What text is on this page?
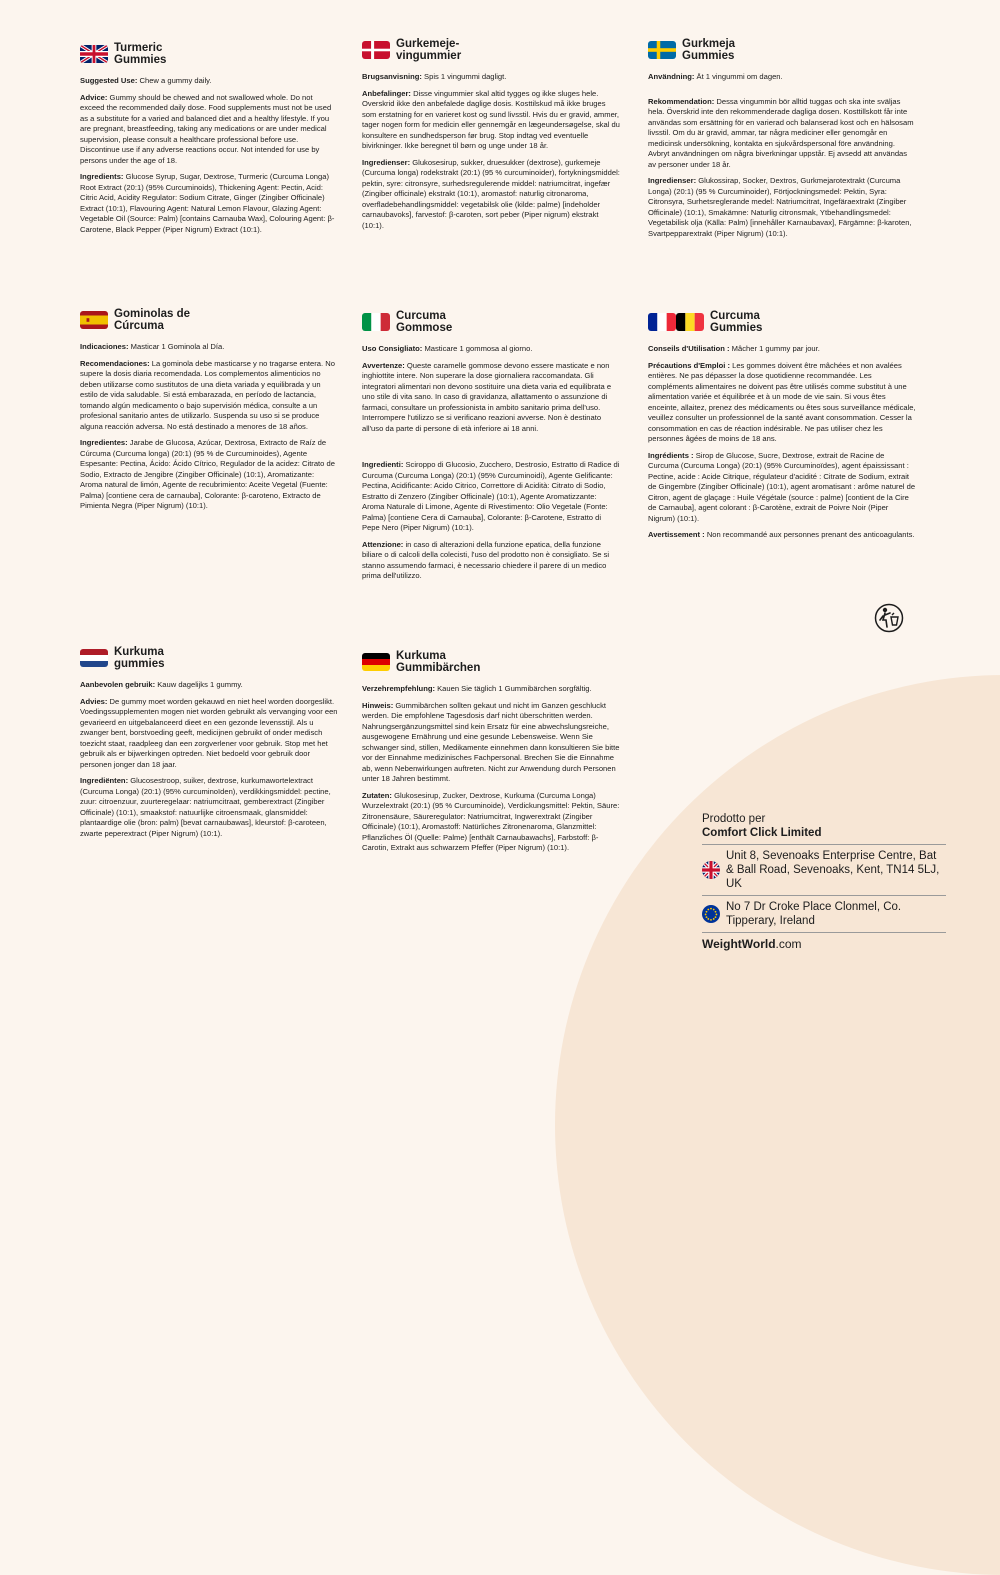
Turmeric
Gummies

Suggested Use: Chew a gummy daily.

Advice: Gummy should be chewed and not swallowed whole. Do not exceed the recommended daily dose. Food supplements must not be used as a substitute for a varied and balanced diet and a healthy lifestyle. If you are pregnant, breastfeeding, taking any medications or are under medical supervision, please consult a healthcare professional before use. Discontinue use if any adverse reactions occur. Not intended for use by persons under the age of 18.

Ingredients: Glucose Syrup, Sugar, Dextrose, Turmeric (Curcuma Longa) Root Extract (20:1) (95% Curcuminoids), Thickening Agent: Pectin, Acid: Citric Acid, Acidity Regulator: Sodium Citrate, Ginger (Zingiber Officinale) Extract (10:1), Flavouring Agent: Natural Lemon Flavour, Glazing Agent: Vegetable Oil (Source: Palm) [contains Carnauba Wax], Colouring Agent: β-Carotene, Black Pepper (Piper Nigrum) Extract (10:1).

Gominolas de
Cúrcuma

Indicaciones: Masticar 1 Gominola al Día.

Recomendaciones: La gominola debe masticarse y no tragarse entera. No supere la dosis diaria recomendada. Los complementos alimenticios no deben utilizarse como sustitutos de una dieta variada y equilibrada y un estilo de vida saludable. Si está embarazada, en período de lactancia, tomando algún medicamento o bajo supervisión médica, consulte a un profesional sanitario antes de utilizarlo. Suspenda su uso si se produce alguna reacción adversa. No está destinado a menores de 18 años.

Ingredientes: Jarabe de Glucosa, Azúcar, Dextrosa, Extracto de Raíz de Cúrcuma (Curcuma longa) (20:1) (95 % de Curcuminoides), Agente Espesante: Pectina, Ácido: Ácido Cítrico, Regulador de la acidez: Citrato de Sodio, Extracto de Jengibre (Zingiber Officinale) (10:1), Aromatizante: Aroma natural de limón, Agente de recubrimiento: Aceite Vegetal (Fuente: Palma) [contiene cera de carnauba], Colorante: β-caroteno, Extracto de Pimienta Negra (Piper Nigrum) (10:1).

Kurkuma
gummies

Aanbevolen gebruik: Kauw dagelijks 1 gummy.

Advies: De gummy moet worden gekauwd en niet heel worden doorgeslikt. Voedingssupplementen mogen niet worden gebruikt als vervanging voor een gevarieerd en uitgebalanceerd dieet en een gezonde levensstijl. Als u zwanger bent, borstvoeding geeft, medicijnen gebruikt of onder medisch toezicht staat, raadpleeg dan een zorgverlener voor gebruik. Stop met het gebruik als er bijwerkingen optreden. Niet bedoeld voor gebruik door personen jonger dan 18 jaar.

Ingrediënten: Glucosestroop, suiker, dextrose, kurkumawortelextract (Curcuma Longa) (20:1) (95% curcuminoïden), verdikkingsmiddel: pectine, zuur: citroenzuur, zuurteregelaar: natriumcitraat, gemberextract (Zingiber Officinale) (10:1), smaakstof: natuurlijke citroensmaak, glansmiddel: plantaardige olie (bron: palm) [bevat carnaubawas], kleurstof: β-caroteen, zwarte peperextract (Piper Nigrum) (10:1).

Gurkemeje-
vingummier

Brugsanvisning: Spis 1 vingummi dagligt.

Anbefalinger: Disse vingummier skal altid tygges og ikke sluges hele. Overskrid ikke den anbefalede daglige dosis. Kosttilskud må ikke bruges som erstatning for en varieret kost og sund livsstil. Hvis du er gravid, ammer, tager nogen form for medicin eller gennemgår en lægeundersøgelse, skal du konsultere en sundhedsperson før brug. Stop indtag ved eventuelle bivirkninger. Ikke beregnet til børn og unge under 18 år.

Ingredienser: Glukosesirup, sukker, druesukker (dextrose), gurkemeje (Curcuma longa) rodekstrakt (20:1) (95 % curcuminoider), fortykningsmiddel: pektin, syre: citronsyre, surhedsregulerende middel: natriumcitrat, ingefær (Zingiber officinale) ekstrakt (10:1), aromastof: naturlig citronaroma, overfladebehandlingsmiddel: vegetabilsk olie (kilde: palme) [indeholder carnaubavoks], farvestof: β-caroten, sort peber (Piper nigrum) ekstrakt (10:1).

Curcuma
Gommose

Uso Consigliato: Masticare 1 gommosa al giorno.

Avvertenze: Queste caramelle gommose devono essere masticate e non inghiottite intere. Non superare la dose giornaliera raccomandata. Gli integratori alimentari non devono sostituire una dieta varia ed equilibrata e uno stile di vita sano. In caso di gravidanza, allattamento o assunzione di farmaci, consultare un professionista in ambito sanitario prima dell'uso. Interrompere l'utilizzo se si verificano reazioni avverse. Non è destinato all'uso da parte di persone di età inferiore ai 18 anni.

Ingredienti: Sciroppo di Glucosio, Zucchero, Destrosio, Estratto di Radice di Curcuma (Curcuma Longa) (20:1) (95% Curcuminoidi), Agente Gelificante: Pectina, Acidificante: Acido Citrico, Correttore di Acidità: Citrato di Sodio, Estratto di Zenzero (Zingiber Officinale) (10:1), Agente Aromatizzante: Aroma Naturale di Limone, Agente di Rivestimento: Olio Vegetale (Fonte: Palma) [contiene Cera di Carnauba], Colorante: β-Carotene, Estratto di Pepe Nero (Piper Nigrum) (10:1).

Attenzione: in caso di alterazioni della funzione epatica, della funzione biliare o di calcoli della colecisti, l'uso del prodotto non è consigliato. Se si stanno assumendo farmaci, è necessario chiedere il parere di un medico prima dell'utilizzo.

Kurkuma
Gummibärchen

Verzehrempfehlung: Kauen Sie täglich 1 Gummibärchen sorgfältig.

Hinweis: Gummibärchen sollten gekaut und nicht im Ganzen geschluckt werden. Die empfohlene Tagesdosis darf nicht überschritten werden. Nahrungsergänzungsmittel sind kein Ersatz für eine abwechslungsreiche, ausgewogene Ernährung und eine gesunde Lebensweise. Wenn Sie schwanger sind, stillen, Medikamente einnehmen dann konsultieren Sie bitte vor der Einnahme medizinisches Fachpersonal. Brechen Sie die Einnahme ab, wenn Nebenwirkungen auftreten. Nicht zur Anwendung durch Personen unter 18 Jahren bestimmt.

Zutaten: Glukosesirup, Zucker, Dextrose, Kurkuma (Curcuma Longa) Wurzelextrakt (20:1) (95 % Curcuminoide), Verdickungsmittel: Pektin, Säure: Zitronensäure, Säureregulator: Natriumcitrat, Ingwerextrakt (Zingiber Officinale) (10:1), Aromastoff: Natürliches Zitronenaroma, Glanzmittel: Pflanzliches Öl (Quelle: Palme) [enthält Carnaubawachs], Farbstoff: β-Carotin, Extrakt aus schwarzem Pfeffer (Piper Nigrum) (10:1).

Gurkmeja
Gummies

Användning: Ät 1 vingummi om dagen.

Rekommendation: Dessa vingummin bör alltid tuggas och ska inte sväljas hela. Överskrid inte den rekommenderade dagliga dosen. Kosttillskott får inte användas som ersättning för en varierad och balanserad kost och en hälsosam livsstil. Om du är gravid, ammar, tar några mediciner eller genomgår en medicinsk undersökning, kontakta en sjukvårdspersonal före användning. Avbryt användningen om några biverkningar uppstår. Ej avsedd att användas av personer under 18 år.

Ingredienser: Glukossirap, Socker, Dextros, Gurkmejarotextrakt (Curcuma Longa) (20:1) (95 % Curcuminoider), Förtjockningsmedel: Pektin, Syra: Citronsyra, Surhetsreglerande medel: Natriumcitrat, Ingefäraextrakt (Zingiber Officinale) (10:1), Smakämne: Naturlig citronsmak, Ytbehandlingsmedel: Vegetabilisk olja (Källa: Palm) [innehåller Karnaubavax], Färgämne: β-karoten, Svartpepparextrakt (Piper Nigrum) (10:1).

Curcuma
Gummies

Conseils d'Utilisation : Mâcher 1 gummy par jour.

Précautions d'Emploi : Les gommes doivent être mâchées et non avalées entières. Ne pas dépasser la dose quotidienne recommandée. Les compléments alimentaires ne doivent pas être utilisés comme substitut à une alimentation variée et équilibrée et à un mode de vie sain. Si vous êtes enceinte, allaitez, prenez des médicaments ou êtes sous surveillance médicale, veuillez consulter un professionnel de la santé avant consommation. Cesser la consommation en cas de réaction indésirable. Ne pas utiliser chez les personnes âgées de moins de 18 ans.

Ingrédients : Sirop de Glucose, Sucre, Dextrose, extrait de Racine de Curcuma (Curcuma Longa) (20:1) (95% Curcuminoïdes), agent épaississant : Pectine, acide : Acide Citrique, régulateur d'acidité : Citrate de Sodium, extrait de Gingembre (Zingiber Officinale) (10:1), agent aromatisant : arôme naturel de Citron, agent de glaçage : Huile Végétale (source : palme) [contient de la Cire de Carnauba], agent colorant : β-Carotène, extrait de Poivre Noir (Piper Nigrum) (10:1).

Avertissement : Non recommandé aux personnes prenant des anticoagulants.

Prodotto per
Comfort Click Limited
Unit 8, Sevenoaks Enterprise Centre, Bat & Ball Road, Sevenoaks, Kent, TN14 5LJ, UK
No 7 Dr Croke Place Clonmel, Co. Tipperary, Ireland
WeightWorld.com
